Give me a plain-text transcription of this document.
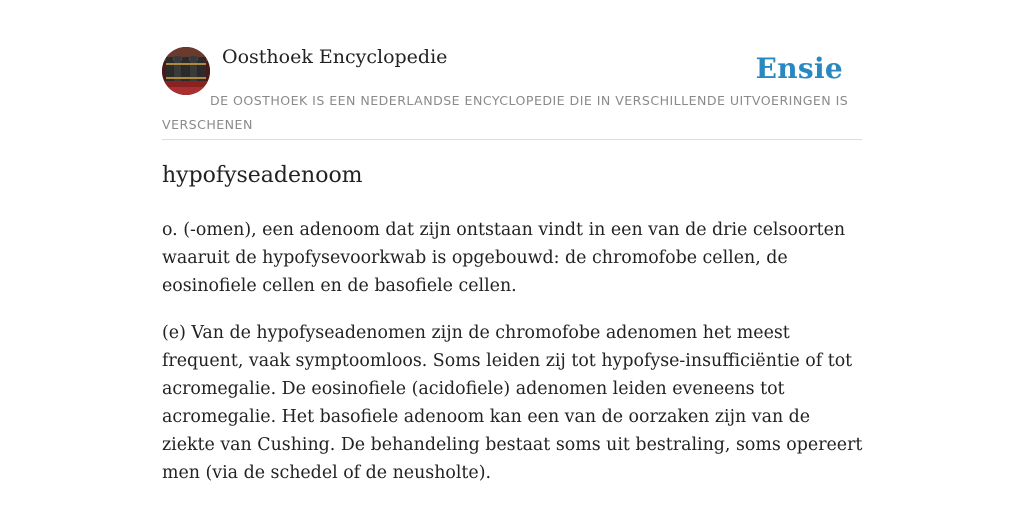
Oosthoek Encyclopedie	Ensie
DE OOSTHOEK IS EEN NEDERLANDSE ENCYCLOPEDIE DIE IN VERSCHILLENDE UITVOERINGEN IS VERSCHENEN
hypofyseadenoom

o. (-omen), een adenoom dat zijn ontstaan vindt in een van de drie celsoorten waaruit de hypofysevoorkwab is opgebouwd: de chromofobe cellen, de eosinofiele cellen en de basofiele cellen.

(e) Van de hypofyseadenomen zijn de chromofobe adenomen het meest frequent, vaak symptoomloos. Soms leiden zij tot hypofyse-insufficiëntie of tot acromegalie. De eosinofiele (acidofiele) adenomen leiden eveneens tot acromegalie. Het basofiele adenoom kan een van de oorzaken zijn van de ziekte van Cushing. De behandeling bestaat soms uit bestraling, soms opereert men (via de schedel of de neusholte).
